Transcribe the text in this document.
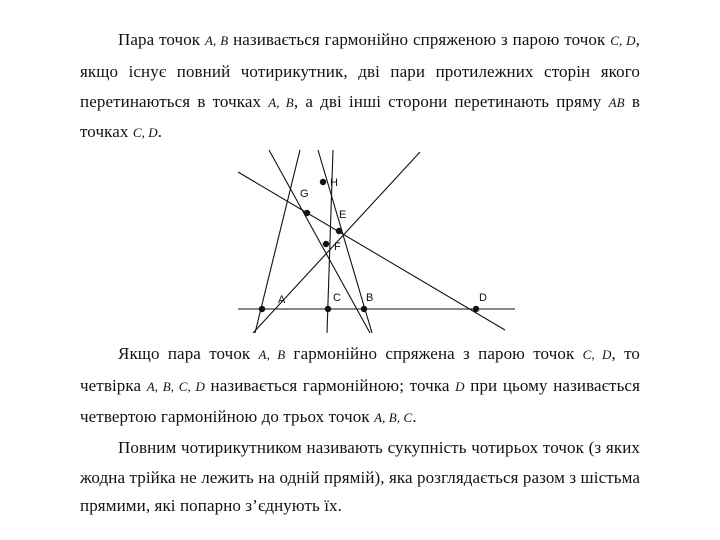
Пара точок A, B називається гармонійно спряженою з парою точок C, D,
якщо існує повний чотирикутник, дві пари протилежних сторін якого
перетинаються в точках A, B, а дві інші сторони перетинають пряму AB в
точках C, D.
A	C B	D
G
H
E
F
Якщо пара точок A, B гармонійно спряжена з парою точок C, D, то
четвірка A, B, C, D називається гармонійною; точка D при цьому називається
четвертою гармонійною до трьох точок A, B, C.
Повним чотирикутником називають сукупність чотирьох точок (з яких
жодна трійка не лежить на одній прямій), яка розглядається разом з шістьма
прямими, які попарно з’єднують їх.
